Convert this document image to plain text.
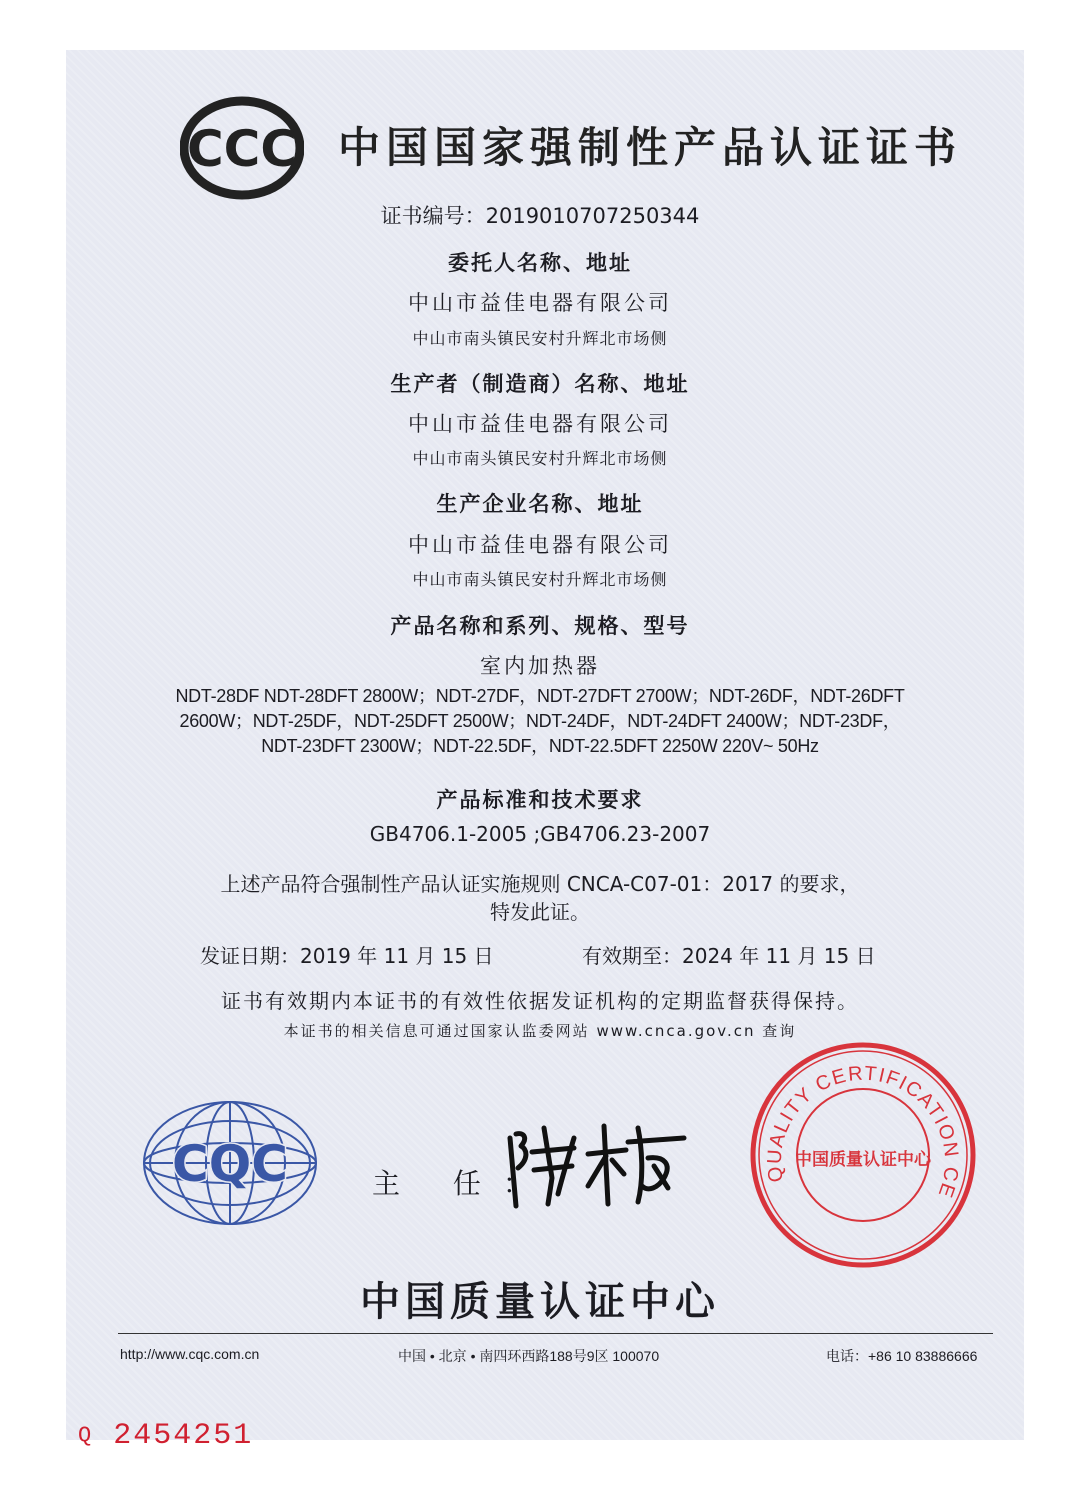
CCC 中国国家强制性产品认证证书
证书编号：2019010707250344
委托人名称、地址
中山市益佳电器有限公司
中山市南头镇民安村升辉北市场侧
生产者（制造商）名称、地址
中山市益佳电器有限公司
中山市南头镇民安村升辉北市场侧
生产企业名称、地址
中山市益佳电器有限公司
中山市南头镇民安村升辉北市场侧
产品名称和系列、规格、型号
室内加热器
NDT-28DF NDT-28DFT 2800W；NDT-27DF，NDT-27DFT 2700W；NDT-26DF，NDT-26DFT
2600W；NDT-25DF，NDT-25DFT 2500W；NDT-24DF，NDT-24DFT 2400W；NDT-23DF，
NDT-23DFT 2300W；NDT-22.5DF，NDT-22.5DFT 2250W 220V~ 50Hz
产品标准和技术要求
GB4706.1-2005 ;GB4706.23-2007
上述产品符合强制性产品认证实施规则 CNCA-C07-01：2017 的要求，
特发此证。
发证日期：2019 年 11 月 15 日	有效期至：2024 年 11 月 15 日
证书有效期内本证书的有效性依据发证机构的定期监督获得保持。
本证书的相关信息可通过国家认监委网站 www.cnca.gov.cn 查询
CQC	主 任：	QUALITY CERTIFICATION CE
中国质量认证中心
中国质量认证中心
http://www.cqc.com.cn	中国 • 北京 • 南四环西路188号9区 100070	电话：+86 10 83886666
Q 2454251
